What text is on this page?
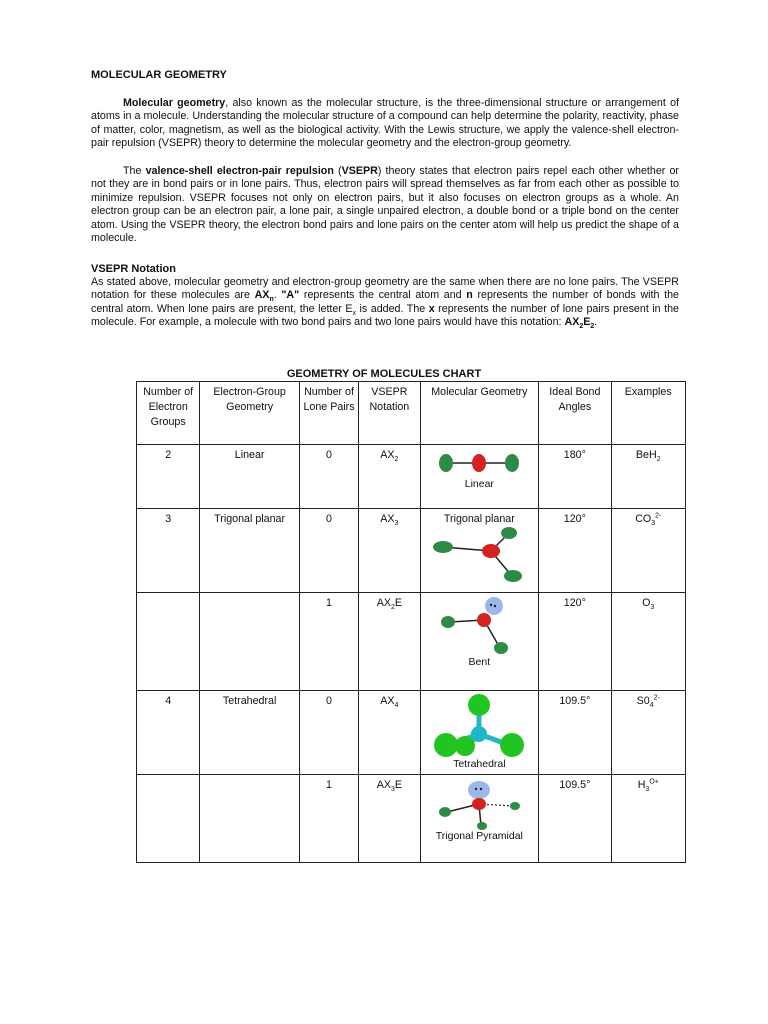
MOLECULAR GEOMETRY

Molecular geometry, also known as the molecular structure, is the three-dimensional structure or arrangement of atoms in a molecule. Understanding the molecular structure of a compound can help determine the polarity, reactivity, phase of matter, color, magnetism, as well as the biological activity. With the Lewis structure, we apply the valence-shell electron-pair repulsion (VSEPR) theory to determine the molecular geometry and the electron-group geometry.

The valence-shell electron-pair repulsion (VSEPR) theory states that electron pairs repel each other whether or not they are in bond pairs or in lone pairs. Thus, electron pairs will spread themselves as far from each other as possible to minimize repulsion. VSEPR focuses not only on electron pairs, but it also focuses on electron groups as a whole. An electron group can be an electron pair, a lone pair, a single unpaired electron, a double bond or a triple bond on the center atom. Using the VSEPR theory, the electron bond pairs and lone pairs on the center atom will help us predict the shape of a molecule.

VSEPR Notation

As stated above, molecular geometry and electron-group geometry are the same when there are no lone pairs. The VSEPR notation for these molecules are $AX_n$. "A" represents the central atom and n represents the number of bonds with the central atom. When lone pairs are present, the letter $E_x$ is added. The x represents the number of lone pairs present in the molecule. For example, a molecule with two bond pairs and two lone pairs would have this notation: $AX_2E_2$.

GEOMETRY OF MOLECULES CHART
Number of Electron Groups	Electron-Group Geometry	Number of Lone Pairs	VSEPR Notation	Molecular Geometry	Ideal Bond Angles	Examples
2	Linear	0	$AX_2$	Linear	180°	BeH$_2$
3	Trigonal planar	0	$AX_3$	Trigonal planar	120°	$CO_3^{2-}$
		1	$AX_2E$	Bent	120°	$O_3$
4	Tetrahedral	0	$AX_4$	Tetrahedral	109.5°	$S0_4^{2-}$
		1	$AX_3E$	Trigonal Pyramidal	109.5°	$H_3^{O+}$
